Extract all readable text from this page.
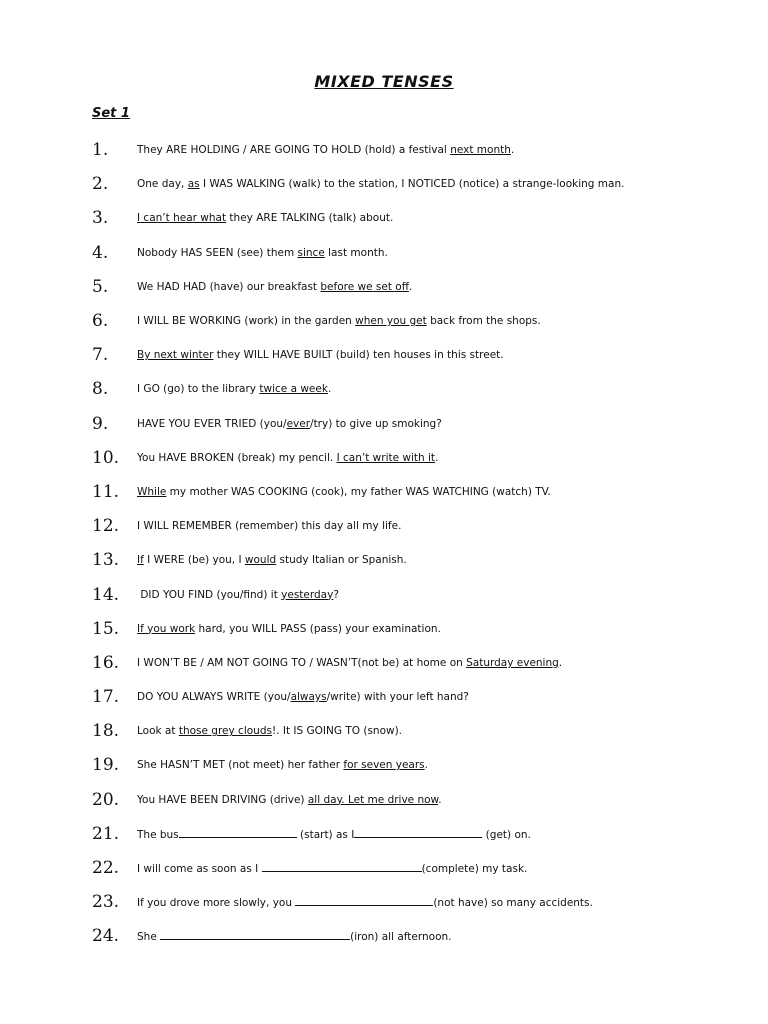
MIXED TENSES
Set 1
1.	They ARE HOLDING / ARE GOING TO HOLD (hold) a festival next month.
2.	One day, as I WAS WALKING (walk) to the station, I NOTICED (notice) a strange-looking man.
3.	I can’t hear what they ARE TALKING (talk) about.
4.	Nobody HAS SEEN (see) them since last month.
5.	We HAD HAD (have) our breakfast before we set off.
6.	I WILL BE WORKING (work) in the garden when you get back from the shops.
7.	By next winter they WILL HAVE BUILT (build) ten houses in this street.
8.	I GO (go) to the library twice a week.
9.	HAVE YOU EVER TRIED (you/ever/try) to give up smoking?
10.	You HAVE BROKEN (break) my pencil. I can’t write with it.
11.	While my mother WAS COOKING (cook), my father WAS WATCHING (watch) TV.
12.	I WILL REMEMBER (remember) this day all my life.
13.	If I WERE (be) you, I would study Italian or Spanish.
14.	DID YOU FIND (you/find) it yesterday?
15.	If you work hard, you WILL PASS (pass) your examination.
16.	I WON’T BE / AM NOT GOING TO / WASN’T(not be) at home on Saturday evening.
17.	DO YOU ALWAYS WRITE (you/always/write) with your left hand?
18.	Look at those grey clouds!. It IS GOING TO (snow).
19.	She HASN’T MET (not meet) her father for seven years.
20.	You HAVE BEEN DRIVING (drive) all day. Let me drive now.
21.	The bus	(start) as I	(get) on.
22.	I will come as soon as I	(complete) my task.
23.	If you drove more slowly, you	(not have) so many accidents.
24.	She	(iron) all afternoon.
